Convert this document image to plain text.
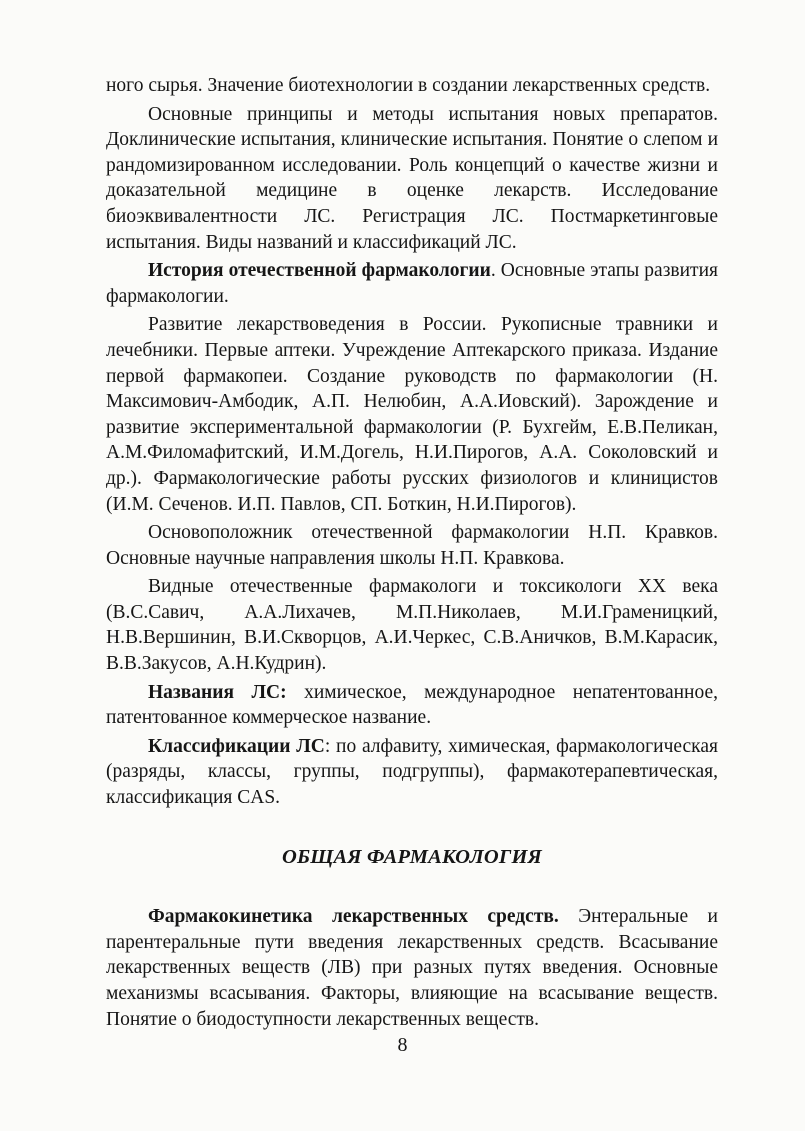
ного сырья. Значение биотехнологии в создании лекарственных средств.

Основные принципы и методы испытания новых препаратов. Доклинические испытания, клинические испытания. Понятие о слепом и рандомизированном исследовании. Роль концепций о качестве жизни и доказательной медицине в оценке лекарств. Исследование биоэквивалентности ЛС. Регистрация ЛС. Постмаркетинговые испытания. Виды названий и классификаций ЛС.

История отечественной фармакологии. Основные этапы развития фармакологии.

Развитие лекарствоведения в России. Рукописные травники и лечебники. Первые аптеки. Учреждение Аптекарского приказа. Издание первой фармакопеи. Создание руководств по фармакологии (Н. Максимович-Амбодик, А.П. Нелюбин, А.А.Иовский). Зарождение и развитие экспериментальной фармакологии (Р. Бухгейм, Е.В.Пеликан, А.М.Филомафитский, И.М.Догель, Н.И.Пирогов, А.А. Соколовский и др.). Фармакологические работы русских физиологов и клиницистов (И.М. Сеченов. И.П. Павлов, СП. Боткин, Н.И.Пирогов).

Основоположник отечественной фармакологии Н.П. Кравков. Основные научные направления школы Н.П. Кравкова.

Видные отечественные фармакологи и токсикологи XX века (В.С.Савич, А.А.Лихачев, М.П.Николаев, М.И.Граменицкий, Н.В.Вершинин, В.И.Скворцов, А.И.Черкес, С.В.Аничков, В.М.Карасик, В.В.Закусов, А.Н.Кудрин).

Названия ЛС: химическое, международное непатентованное, патентованное коммерческое название.

Классификации ЛС: по алфавиту, химическая, фармакологическая (разряды, классы, группы, подгруппы), фармакотерапевтическая, классификация CAS.

ОБЩАЯ ФАРМАКОЛОГИЯ

Фармакокинетика лекарственных средств. Энтеральные и парентеральные пути введения лекарственных средств. Всасывание лекарственных веществ (ЛВ) при разных путях введения. Основные механизмы всасывания. Факторы, влияющие на всасывание веществ. Понятие о биодоступности лекарственных веществ.

8
